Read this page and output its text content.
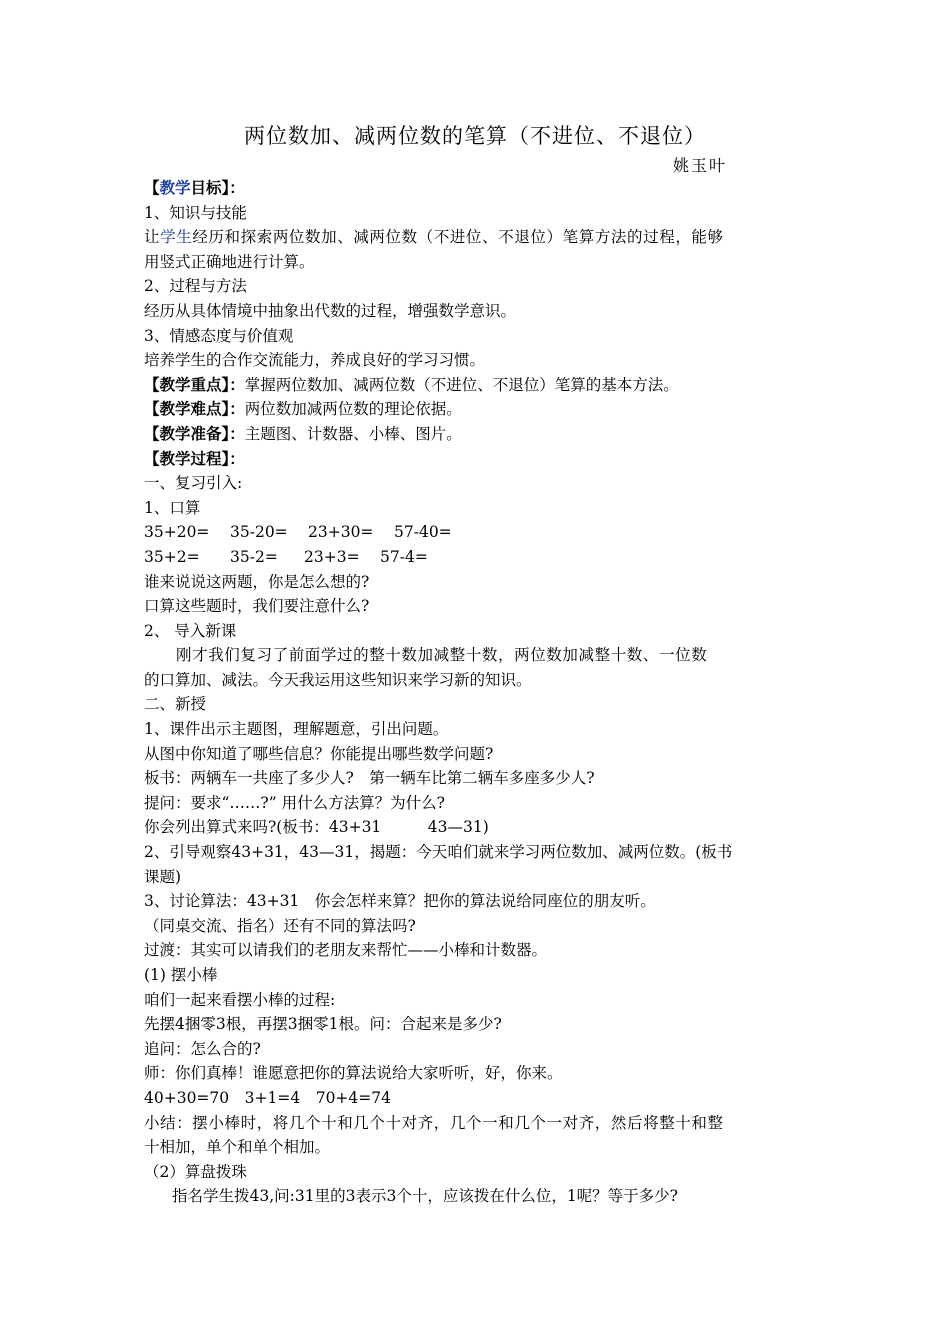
两位数加、减两位数的笔算（不进位、不退位）
姚玉叶
【教学目标】：
1、知识与技能
让学生经历和探索两位数加、减两位数（不进位、不退位）笔算方法的过程，能够
用竖式正确地进行计算。
2、过程与方法
经历从具体情境中抽象出代数的过程，增强数学意识。
3、情感态度与价值观
培养学生的合作交流能力，养成良好的学习习惯。
【教学重点】：掌握两位数加、减两位数（不进位、不退位）笔算的基本方法。
【教学难点】：两位数加减两位数的理论依据。
【教学准备】：主题图、计数器、小棒、图片。
【教学过程】：
一、复习引入:
1、口算
35+20= 35-20= 23+30= 57-40=
35+2= 35-2= 23+3= 57-4=
谁来说说这两题，你是怎么想的?
口算这些题时，我们要注意什么?
2、 导入新课
刚才我们复习了前面学过的整十数加减整十数，两位数加减整十数、一位数
的口算加、减法。今天我运用这些知识来学习新的知识。
二、新授
1、课件出示主题图，理解题意，引出问题。
从图中你知道了哪些信息？你能提出哪些数学问题?
板书：两辆车一共座了多少人?　第一辆车比第二辆车多座多少人?
提问：要求“……?” 用什么方法算？为什么?
你会列出算式来吗?(板书：43+31　　　43—31)
2、引导观察43+31，43—31，揭题：今天咱们就来学习两位数加、减两位数。(板书
课题)
3、讨论算法：43+31　你会怎样来算？把你的算法说给同座位的朋友听。
（同桌交流、指名）还有不同的算法吗?
过渡：其实可以请我们的老朋友来帮忙——小棒和计数器。
(1) 摆小棒
咱们一起来看摆小棒的过程:
先摆4捆零3根，再摆3捆零1根。问：合起来是多少?
追问：怎么合的?
师：你们真棒！谁愿意把你的算法说给大家听听，好，你来。
40+30=70　3+1=4　70+4=74
小结：摆小棒时，将几个十和几个十对齐，几个一和几个一对齐，然后将整十和整
十相加，单个和单个相加。
（2）算盘拨珠
指名学生拨43,问:31里的3表示3个十，应该拨在什么位，1呢？等于多少?
